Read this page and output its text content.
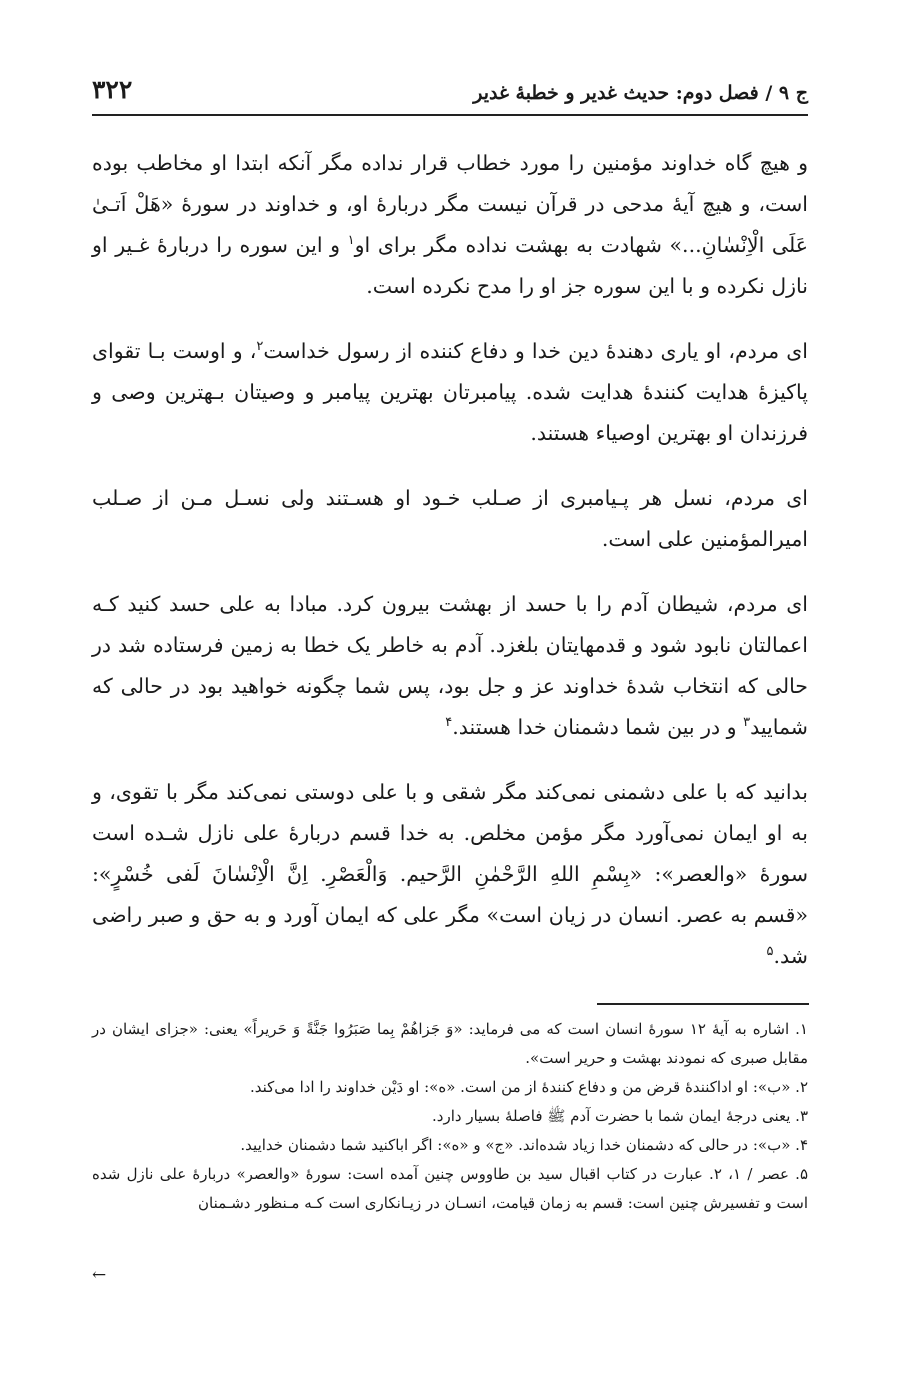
۳۲۲	ج ۹ / فصل دوم: حدیث غدیر و خطبهٔ غدیر

و هیچ گاه خداوند مؤمنین را مورد خطاب قرار نداده مگر آنکه ابتدا او مخاطب بوده است، و هیچ آیهٔ مدحی در قرآن نیست مگر دربارهٔ او، و خداوند در سورهٔ «هَلْ اَتـیٰ عَلَی الْاِنْسٰانِ...» شهادت به بهشت نداده مگر برای او$^۱$ و این سوره را دربارهٔ غـیر او نازل نکرده و با این سوره جز او را مدح نکرده است.

ای مردم، او یاری دهندهٔ دین خدا و دفاع کننده از رسول خداست$^۲$، و اوست بـا تقوای پاکیزهٔ هدایت کنندهٔ هدایت شده. پیامبرتان بهترین پیامبر و وصیتان بـهترین وصی و فرزندان او بهترین اوصیاء هستند.

ای مردم، نسل هر پـیامبری از صـلب خـود او هسـتند ولی نسـل مـن از صـلب امیرالمؤمنین علی است.

ای مردم، شیطان آدم را با حسد از بهشت بیرون کرد. مبادا به علی حسد کنید کـه اعمالتان نابود شود و قدمهایتان بلغزد. آدم به خاطر یک خطا به زمین فرستاده شد در حالی که انتخاب شدهٔ خداوند عز و جل بود، پس شما چگونه خواهید بود در حالی که شمایید$^۳$ و در بین شما دشمنان خدا هستند.$^۴$

بدانید که با علی دشمنی نمی‌کند مگر شقی و با علی دوستی نمی‌کند مگر با تقوی، و به او ایمان نمی‌آورد مگر مؤمن مخلص. به خدا قسم دربارهٔ علی نازل شـده است سورهٔ «والعصر»: «بِسْمِ اللهِ الرَّحْمٰنِ الرَّحیم. وَالْعَصْرِ. اِنَّ الْاِنْسٰانَ لَفی خُسْرٍ»: «قسم به عصر. انسان در زیان است» مگر علی که ایمان آورد و به حق و صبر راضی شد.$^۵$

۱. اشاره به آیهٔ ۱۲ سورهٔ انسان است که می فرماید: «وَ جَزاهُمْ بِما صَبَرُوا جَنَّةً وَ حَریراً» یعنی: «جزای ایشان در مقابل صبری که نمودند بهشت و حریر است».

۲. «ب»: او اداکنندهٔ قرض من و دفاع کنندهٔ از من است. «ه»: او دَیْن خداوند را ادا می‌کند.

۳. یعنی درجهٔ ایمان شما با حضرت آدم ﷺ فاصلهٔ بسیار دارد.

۴. «ب»: در حالی که دشمنان خدا زیاد شده‌اند. «ج» و «ه»: اگر اباکنید شما دشمنان خدایید.

۵. عصر / ۱، ۲. عبارت در کتاب اقبال سید بن طاووس چنین آمده است: سورهٔ «والعصر» دربارهٔ علی نازل شده است و تفسیرش چنین است: قسم به زمان قیامت، انسـان در زیـانکاری است کـه مـنظور دشـمنان

←
